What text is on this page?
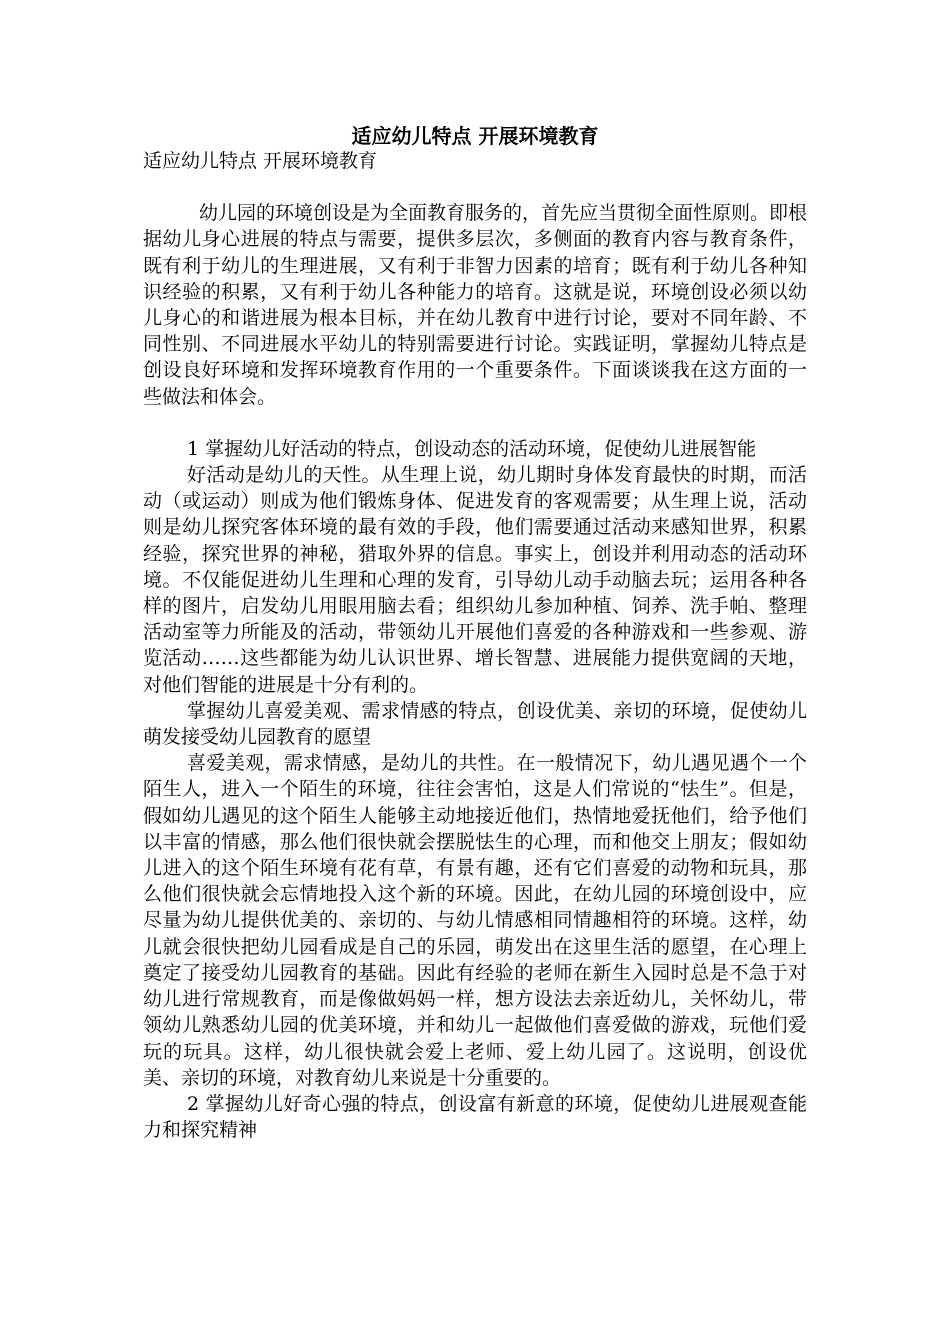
适应幼儿特点 开展环境教育

适应幼儿特点 开展环境教育

幼儿园的环境创设是为全面教育服务的，首先应当贯彻全面性原则。即根据幼儿身心进展的特点与需要，提供多层次，多侧面的教育内容与教育条件，既有利于幼儿的生理进展，又有利于非智力因素的培育；既有利于幼儿各种知识经验的积累，又有利于幼儿各种能力的培育。这就是说，环境创设必须以幼儿身心的和谐进展为根本目标，并在幼儿教育中进行讨论，要对不同年龄、不同性别、不同进展水平幼儿的特别需要进行讨论。实践证明，掌握幼儿特点是创设良好环境和发挥环境教育作用的一个重要条件。下面谈谈我在这方面的一些做法和体会。

1 掌握幼儿好活动的特点，创设动态的活动环境，促使幼儿进展智能

好活动是幼儿的天性。从生理上说，幼儿期时身体发育最快的时期，而活动（或运动）则成为他们锻炼身体、促进发育的客观需要；从生理上说，活动则是幼儿探究客体环境的最有效的手段，他们需要通过活动来感知世界，积累经验，探究世界的神秘，猎取外界的信息。事实上，创设并利用动态的活动环境。不仅能促进幼儿生理和心理的发育，引导幼儿动手动脑去玩；运用各种各样的图片，启发幼儿用眼用脑去看；组织幼儿参加种植、饲养、洗手帕、整理活动室等力所能及的活动，带领幼儿开展他们喜爱的各种游戏和一些参观、游览活动……这些都能为幼儿认识世界、增长智慧、进展能力提供宽阔的天地，对他们智能的进展是十分有利的。

掌握幼儿喜爱美观、需求情感的特点，创设优美、亲切的环境，促使幼儿萌发接受幼儿园教育的愿望

喜爱美观，需求情感，是幼儿的共性。在一般情况下，幼儿遇见遇个一个陌生人，进入一个陌生的环境，往往会害怕，这是人们常说的“怯生”。但是，假如幼儿遇见的这个陌生人能够主动地接近他们，热情地爱抚他们，给予他们以丰富的情感，那么他们很快就会摆脱怯生的心理，而和他交上朋友；假如幼儿进入的这个陌生环境有花有草，有景有趣，还有它们喜爱的动物和玩具，那么他们很快就会忘情地投入这个新的环境。因此，在幼儿园的环境创设中，应尽量为幼儿提供优美的、亲切的、与幼儿情感相同情趣相符的环境。这样，幼儿就会很快把幼儿园看成是自己的乐园，萌发出在这里生活的愿望，在心理上奠定了接受幼儿园教育的基础。因此有经验的老师在新生入园时总是不急于对幼儿进行常规教育，而是像做妈妈一样，想方设法去亲近幼儿，关怀幼儿，带领幼儿熟悉幼儿园的优美环境，并和幼儿一起做他们喜爱做的游戏，玩他们爱玩的玩具。这样，幼儿很快就会爱上老师、爱上幼儿园了。这说明，创设优美、亲切的环境，对教育幼儿来说是十分重要的。

2 掌握幼儿好奇心强的特点，创设富有新意的环境，促使幼儿进展观查能力和探究精神
